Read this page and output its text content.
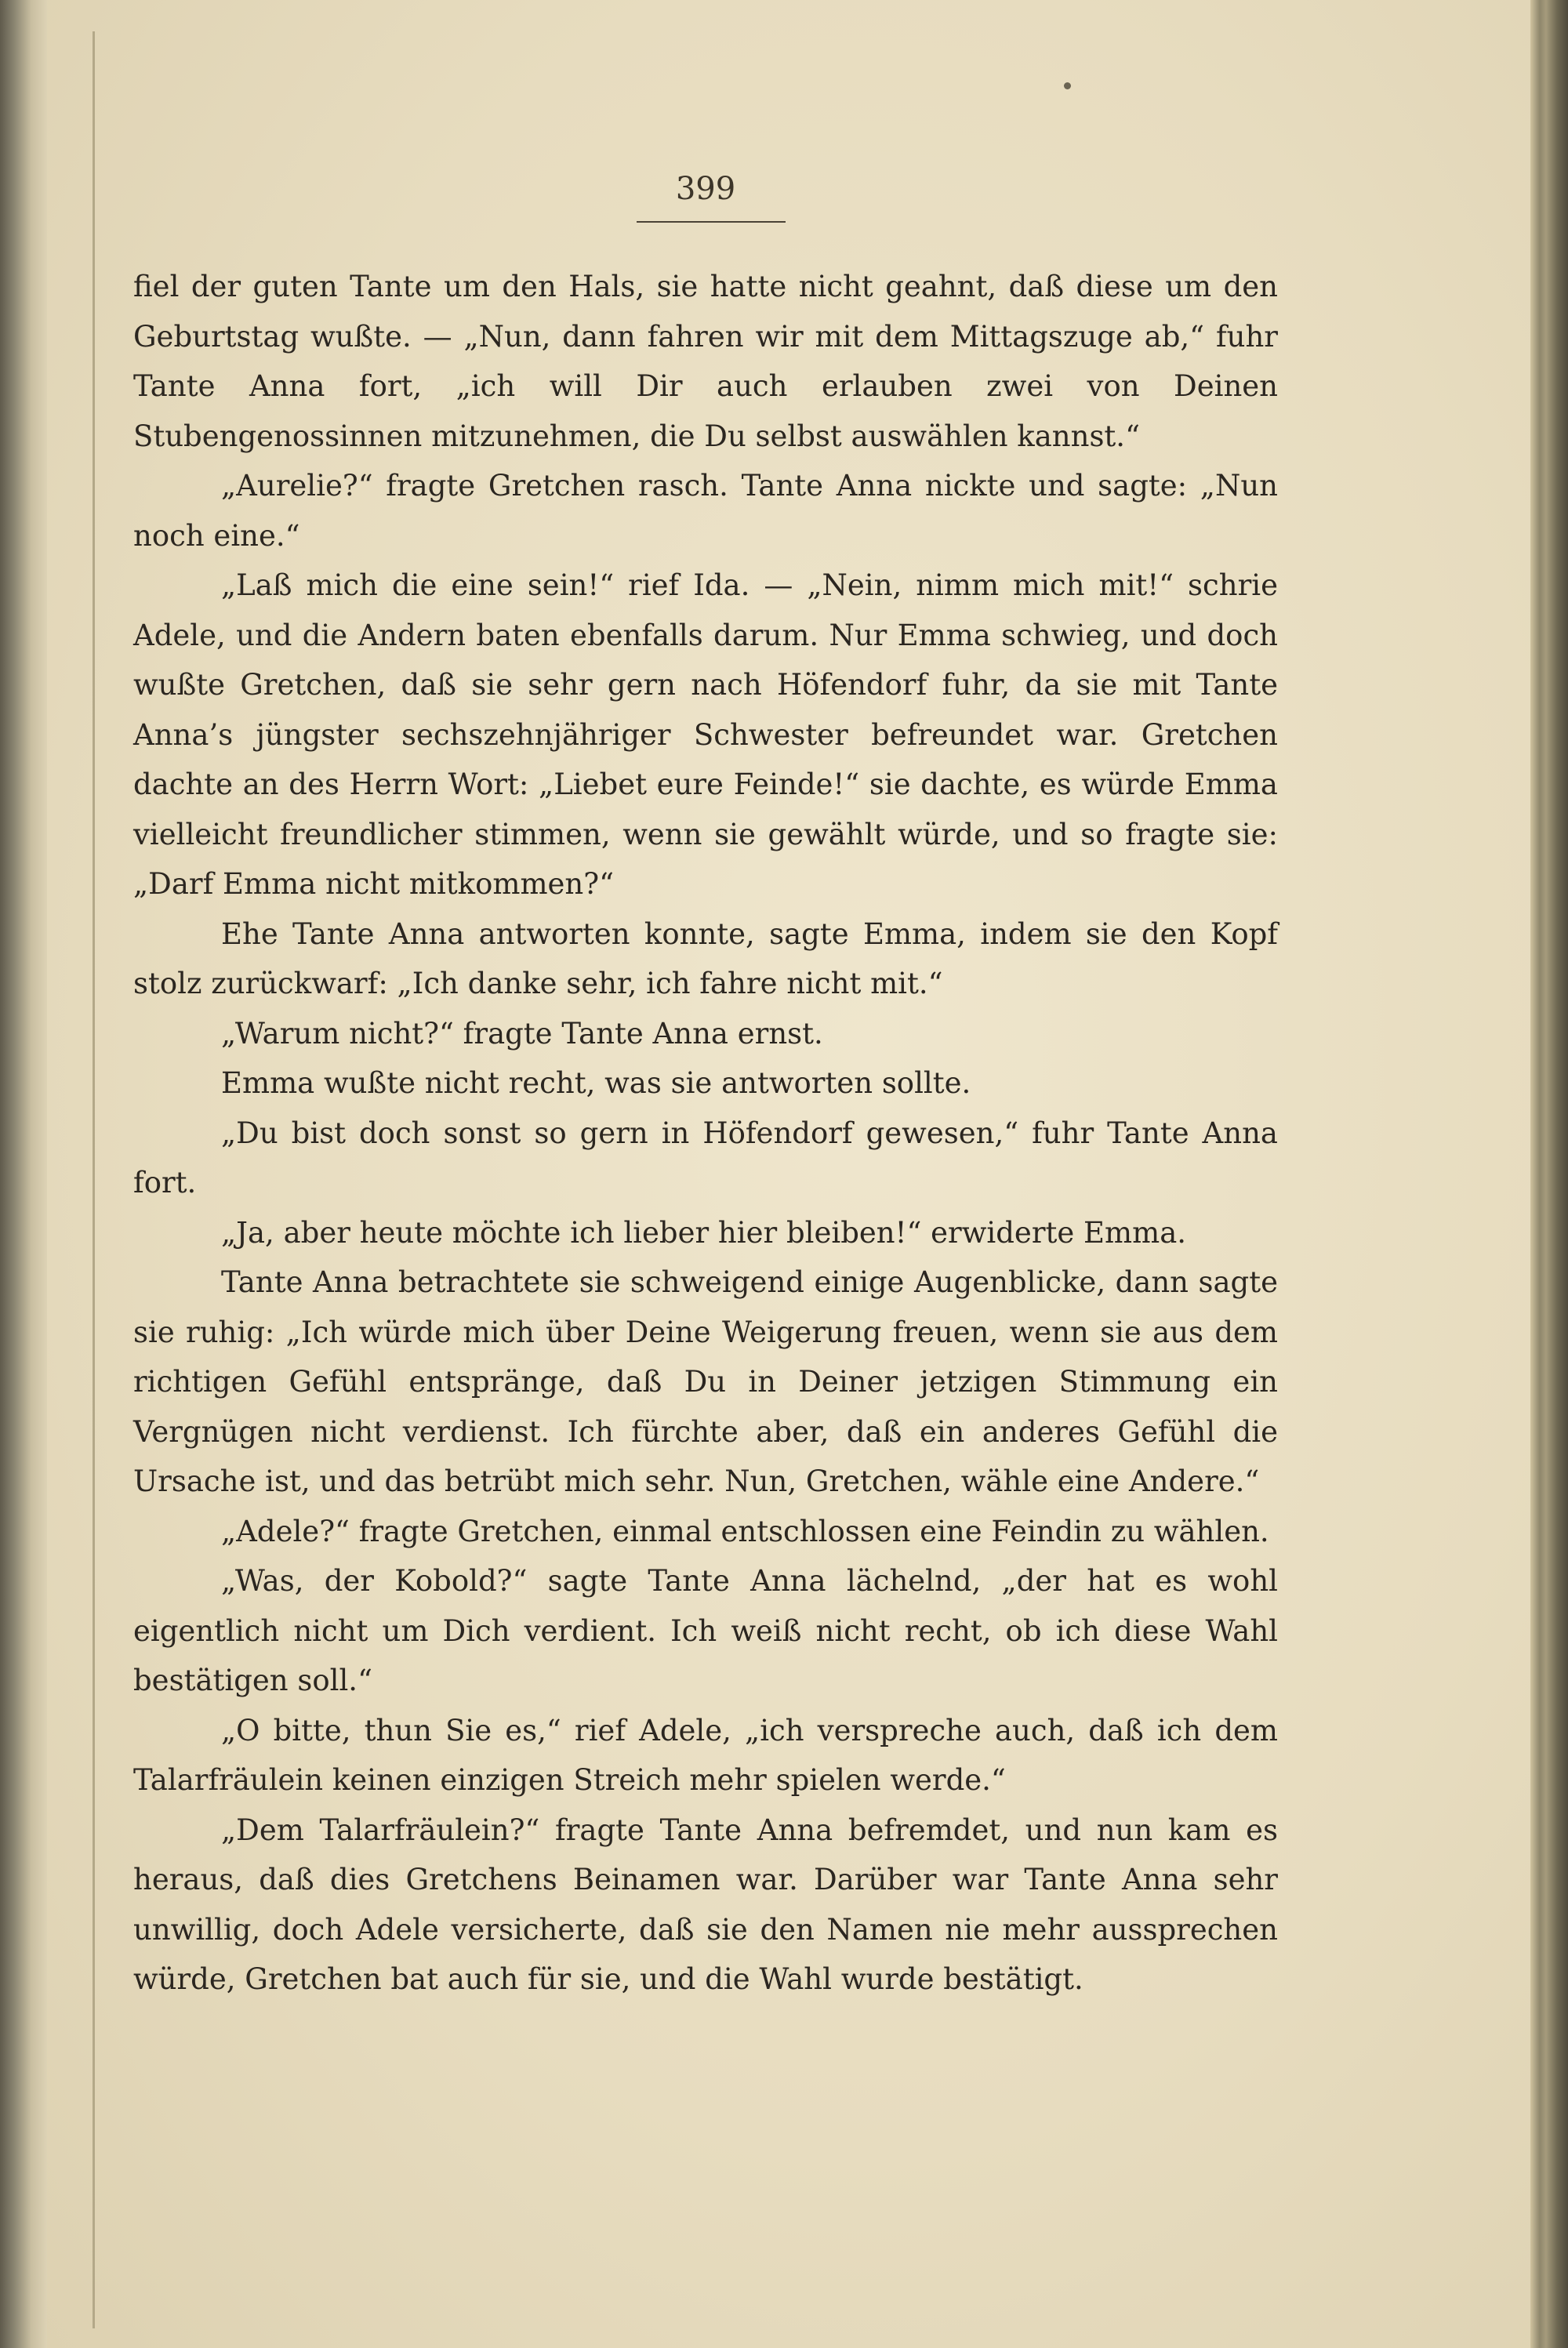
399

fiel der guten Tante um den Hals, sie hatte nicht geahnt, daß diese um den Geburtstag wußte. — „Nun, dann fahren wir mit dem Mittagszuge ab,“ fuhr Tante Anna fort, „ich will Dir auch erlauben zwei von Deinen Stubengenossinnen mitzunehmen, die Du selbst auswählen kannst.“

„Aurelie?“ fragte Gretchen rasch. Tante Anna nickte und sagte: „Nun noch eine.“

„Laß mich die eine sein!“ rief Ida. — „Nein, nimm mich mit!“ schrie Adele, und die Andern baten ebenfalls darum. Nur Emma schwieg, und doch wußte Gretchen, daß sie sehr gern nach Höfendorf fuhr, da sie mit Tante Anna’s jüngster sechszehnjähriger Schwester befreundet war. Gretchen dachte an des Herrn Wort: „Liebet eure Feinde!“ sie dachte, es würde Emma vielleicht freundlicher stimmen, wenn sie gewählt würde, und so fragte sie: „Darf Emma nicht mitkommen?“

Ehe Tante Anna antworten konnte, sagte Emma, indem sie den Kopf stolz zurückwarf: „Ich danke sehr, ich fahre nicht mit.“

„Warum nicht?“ fragte Tante Anna ernst.

Emma wußte nicht recht, was sie antworten sollte.

„Du bist doch sonst so gern in Höfendorf gewesen,“ fuhr Tante Anna fort.

„Ja, aber heute möchte ich lieber hier bleiben!“ erwiderte Emma.

Tante Anna betrachtete sie schweigend einige Augenblicke, dann sagte sie ruhig: „Ich würde mich über Deine Weigerung freuen, wenn sie aus dem richtigen Gefühl entspränge, daß Du in Deiner jetzigen Stimmung ein Vergnügen nicht verdienst. Ich fürchte aber, daß ein anderes Gefühl die Ursache ist, und das betrübt mich sehr. Nun, Gretchen, wähle eine Andere.“

„Adele?“ fragte Gretchen, einmal entschlossen eine Feindin zu wählen.

„Was, der Kobold?“ sagte Tante Anna lächelnd, „der hat es wohl eigentlich nicht um Dich verdient. Ich weiß nicht recht, ob ich diese Wahl bestätigen soll.“

„O bitte, thun Sie es,“ rief Adele, „ich verspreche auch, daß ich dem Talarfräulein keinen einzigen Streich mehr spielen werde.“

„Dem Talarfräulein?“ fragte Tante Anna befremdet, und nun kam es heraus, daß dies Gretchens Beinamen war. Darüber war Tante Anna sehr unwillig, doch Adele versicherte, daß sie den Namen nie mehr aussprechen würde, Gretchen bat auch für sie, und die Wahl wurde bestätigt.
